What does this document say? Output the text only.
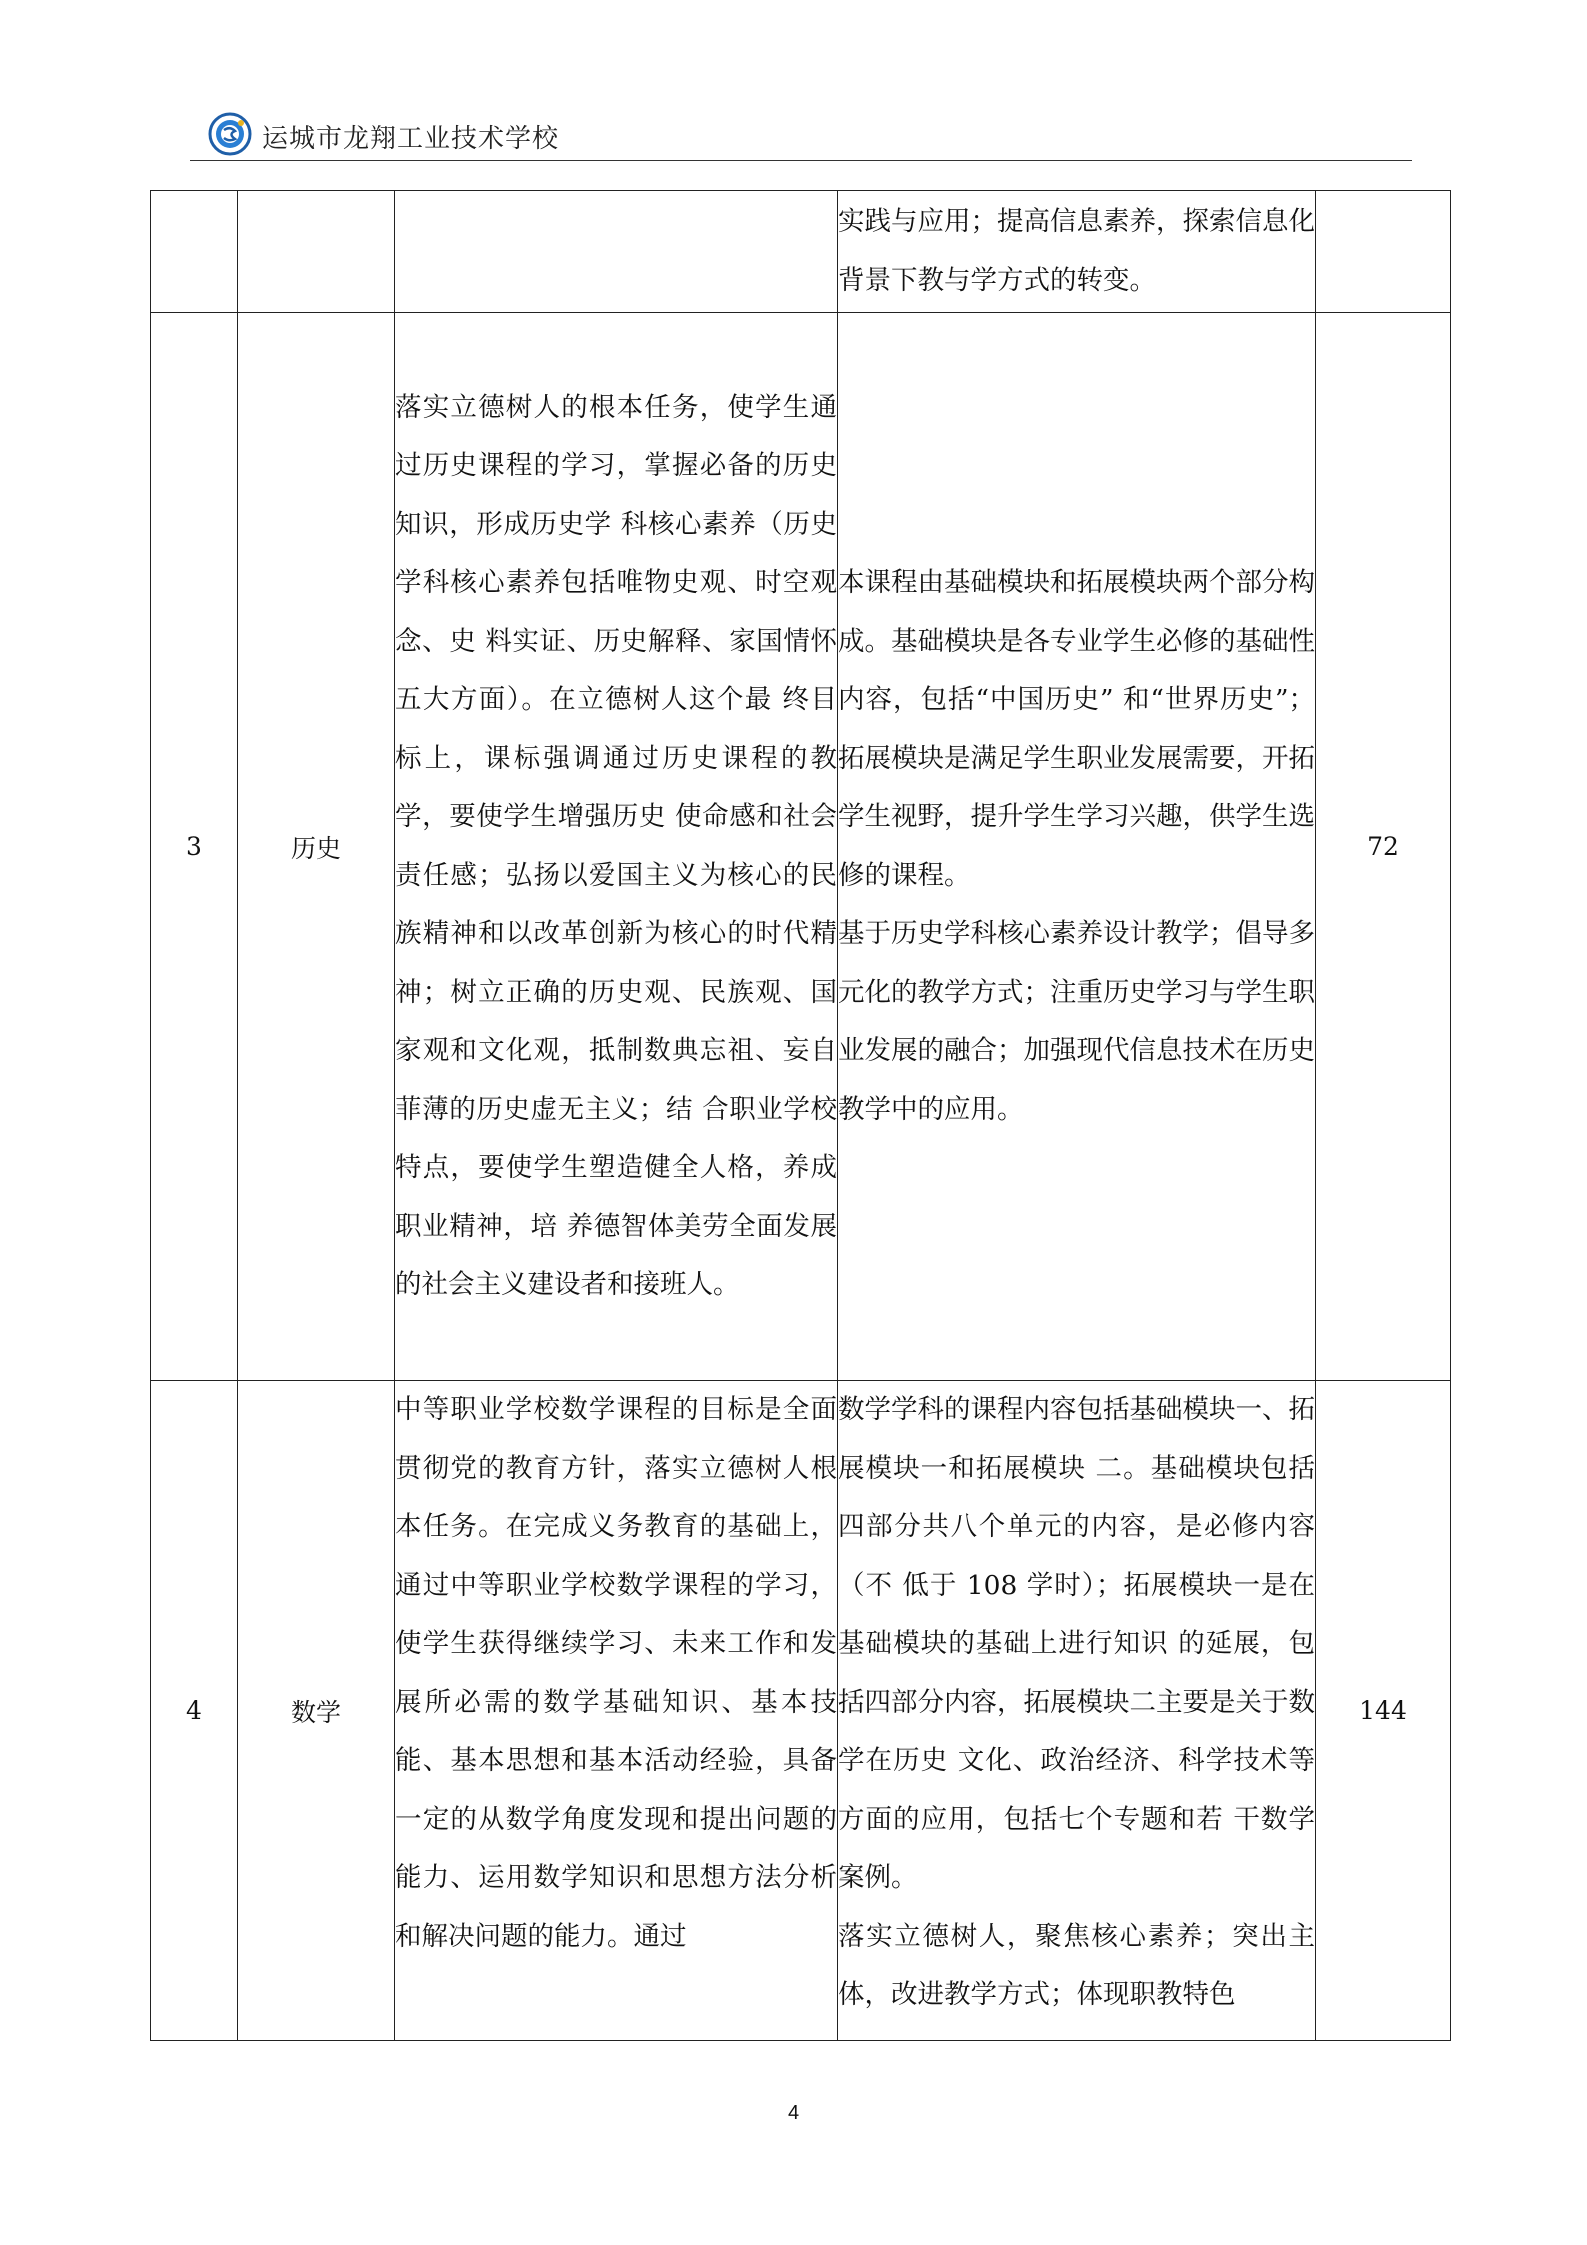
运城市龙翔工业技术学校

			实践与应用；提高信息素养，探索信息化背景下教与学方式的转变。	

3	历史	落实立德树人的根本任务，使学生通过历史课程的学习，掌握必备的历史知识，形成历史学 科核心素养（历史学科核心素养包括唯物史观、时空观念、史 料实证、历史解释、家国情怀五大方面）。在立德树人这个最 终目标上，课标强调通过历史课程的教学，要使学生增强历史 使命感和社会责任感；弘扬以爱国主义为核心的民族精神和以改革创新为核心的时代精神；树立正确的历史观、民族观、国 家观和文化观，抵制数典忘祖、妄自菲薄的历史虚无主义；结 合职业学校特点，要使学生塑造健全人格，养成职业精神，培 养德智体美劳全面发展的社会主义建设者和接班人。	本课程由基础模块和拓展模块两个部分构成。基础模块是各专业学生必修的基础性内容，包括“中国历史” 和“世界历史”；拓展模块是满足学生职业发展需要，开拓学生视野，提升学生学习兴趣，供学生选修的课程。
基于历史学科核心素养设计教学；倡导多元化的教学方式；注重历史学习与学生职业发展的融合；加强现代信息技术在历史教学中的应用。	72
4	数学	中等职业学校数学课程的目标是全面贯彻党的教育方针，落实立德树人根本任务。在完成义务教育的基础上，通过中等职业学校数学课程的学习，使学生获得继续学习、未来工作和发展所必需的数学基础知识、基本技能、基本思想和基本活动经验，具备一定的从数学角度发现和提出问题的能力、运用数学知识和思想方法分析和解决问题的能力。通过	数学学科的课程内容包括基础模块一、拓展模块一和拓展模块 二。基础模块包括四部分共八个单元的内容，是必修内容（不 低于 108 学时）；拓展模块一是在基础模块的基础上进行知识 的延展，包括四部分内容，拓展模块二主要是关于数学在历史 文化、政治经济、科学技术等方面的应用，包括七个专题和若 干数学案例。
落实立德树人，聚焦核心素养；突出主体，改进教学方式；体现职教特色	144
4
